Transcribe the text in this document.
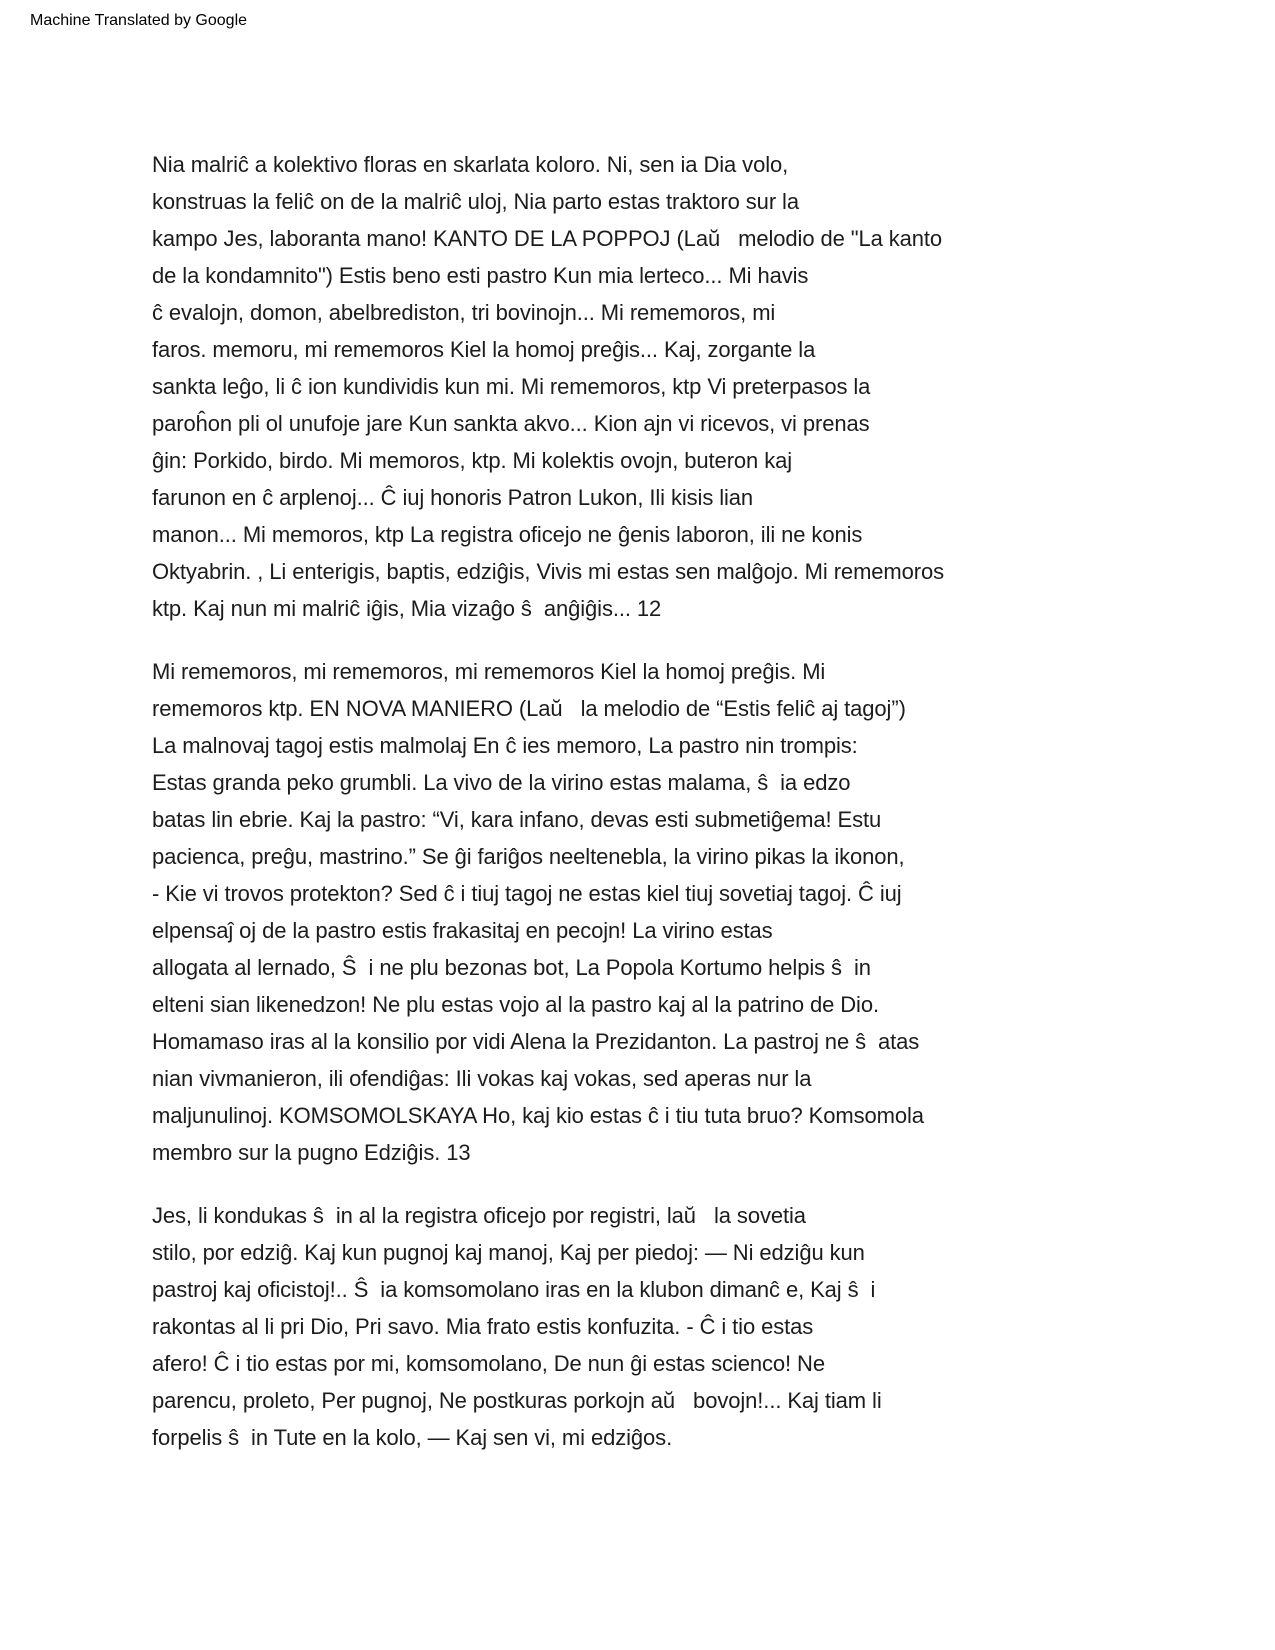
Machine Translated by Google
Nia malriĉ a kolektivo floras en skarlata koloro. Ni, sen ia Dia volo,
konstruas la feliĉ on de la malriĉ uloj, Nia parto estas traktoro sur la
kampo Jes, laboranta mano! KANTO DE LA POPPOJ (Laŭ   melodio de "La kanto
de la kondamnito") Estis beno esti pastro Kun mia lerteco... Mi havis
ĉ evalojn, domon, abelbrediston, tri bovinojn... Mi rememoros, mi
faros. memoru, mi rememoros Kiel la homoj preĝis... Kaj, zorgante la
sankta leĝo, li ĉ ion kundividis kun mi. Mi rememoros, ktp Vi preterpasos la
paroĥon pli ol unufoje jare Kun sankta akvo... Kion ajn vi ricevos, vi prenas
ĝin: Porkido, birdo. Mi memoros, ktp. Mi kolektis ovojn, buteron kaj
farunon en ĉ arplenoj... Ĉ iuj honoris Patron Lukon, Ili kisis lian
manon... Mi memoros, ktp La registra oficejo ne ĝenis laboron, ili ne konis
Oktyabrin. , Li enterigis, baptis, edziĝis, Vivis mi estas sen malĝojo. Mi rememoros
ktp. Kaj nun mi malriĉ iĝis, Mia vizaĝo ŝ  anĝiĝis... 12
Mi rememoros, mi rememoros, mi rememoros Kiel la homoj preĝis. Mi
rememoros ktp. EN NOVA MANIERO (Laŭ   la melodio de “Estis feliĉ aj tagoj”)
La malnovaj tagoj estis malmolaj En ĉ ies memoro, La pastro nin trompis:
Estas granda peko grumbli. La vivo de la virino estas malama, ŝ  ia edzo
batas lin ebrie. Kaj la pastro: “Vi, kara infano, devas esti submetiĝema! Estu
pacienca, preĝu, mastrino.” Se ĝi fariĝos neeltenebla, la virino pikas la ikonon,
- Kie vi trovos protekton? Sed ĉ i tiuj tagoj ne estas kiel tiuj sovetiaj tagoj. Ĉ iuj
elpensaĵ oj de la pastro estis frakasitaj en pecojn! La virino estas
allogata al lernado, Ŝ  i ne plu bezonas bot, La Popola Kortumo helpis ŝ  in
elteni sian likenedzon! Ne plu estas vojo al la pastro kaj al la patrino de Dio.
Homamaso iras al la konsilio por vidi Alena la Prezidanton. La pastroj ne ŝ  atas
nian vivmanieron, ili ofendiĝas: Ili vokas kaj vokas, sed aperas nur la
maljunulinoj. KOMSOMOLSKAYA Ho, kaj kio estas ĉ i tiu tuta bruo? Komsomola
membro sur la pugno Edziĝis. 13
Jes, li kondukas ŝ  in al la registra oficejo por registri, laŭ   la sovetia
stilo, por edziĝ. Kaj kun pugnoj kaj manoj, Kaj per piedoj: — Ni edziĝu kun
pastroj kaj oficistoj!.. Ŝ  ia komsomolano iras en la klubon dimanĉ e, Kaj ŝ  i
rakontas al li pri Dio, Pri savo. Mia frato estis konfuzita. - Ĉ i tio estas
afero! Ĉ i tio estas por mi, komsomolano, De nun ĝi estas scienco! Ne
parencu, proleto, Per pugnoj, Ne postkuras porkojn aŭ   bovojn!... Kaj tiam li
forpelis ŝ  in Tute en la kolo, — Kaj sen vi, mi edziĝos.
